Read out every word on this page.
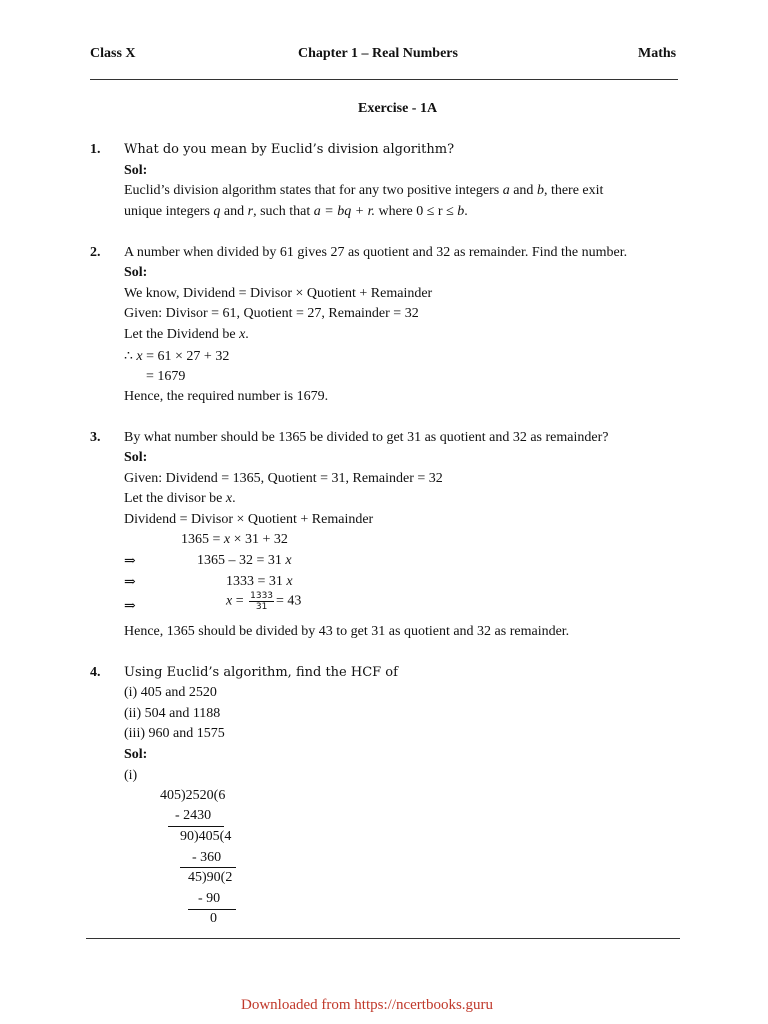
Class X	Chapter 1 – Real Numbers	Maths
Exercise - 1A
1. What do you mean by Euclid’s division algorithm?
Sol:
Euclid’s division algorithm states that for any two positive integers a and b, there exit
unique integers q and r, such that a = bq + r. where 0 ≤ r ≤ b.
2. A number when divided by 61 gives 27 as quotient and 32 as remainder. Find the number.
Sol:
We know, Dividend = Divisor × Quotient + Remainder
Given: Divisor = 61, Quotient = 27, Remainder = 32
Let the Dividend be x.
∴ x = 61 × 27 + 32
= 1679
Hence, the required number is 1679.
3. By what number should be 1365 be divided to get 31 as quotient and 32 as remainder?
Sol:
Given: Dividend = 1365, Quotient = 31, Remainder = 32
Let the divisor be x.
Dividend = Divisor × Quotient + Remainder
1365 = x × 31 + 32
⇒	1365 – 32 = 31 x
⇒	1333 = 31 x
⇒	$x = \frac{1333}{31} = 43$
Hence, 1365 should be divided by 43 to get 31 as quotient and 32 as remainder.
4. Using Euclid’s algorithm, find the HCF of
(i) 405 and 2520
(ii) 504 and 1188
(iii) 960 and 1575
Sol:
(i)
405)2520(6
- 2430
90)405(4
- 360
45)90(2
- 90
0
Downloaded from https://ncertbooks.guru
